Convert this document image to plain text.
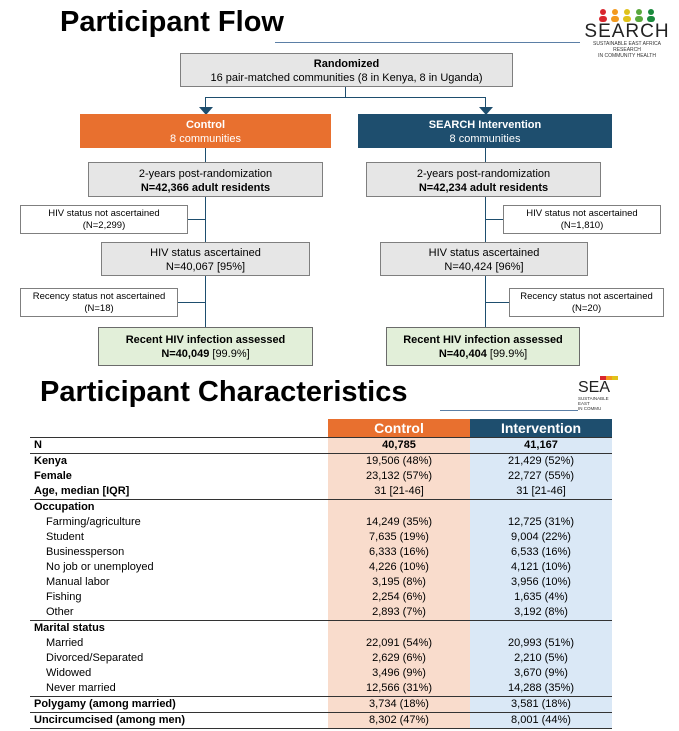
Participant Flow	SEARCH
SUSTAINABLE EAST AFRICA RESEARCH
IN COMMUNITY HEALTH
Randomized
16 pair-matched communities (8 in Kenya, 8 in Uganda)
Control
8 communities
SEARCH Intervention
8 communities
2-years post-randomization
N=42,366 adult residents
HIV status not ascertained
(N=2,299)
HIV status ascertained
N=40,067 [95%]
Recency status not ascertained
(N=18)
Recent HIV infection assessed
N=40,049 [99.9%]
2-years post-randomization
N=42,234 adult residents
HIV status not ascertained
(N=1,810)
HIV status ascertained
N=40,424 [96%]
Recency status not ascertained
(N=20)
Recent HIV infection assessed
N=40,404 [99.9%]
Participant Characteristics	SEA
SUSTAINABLE EAST
IN COMMU
	Control	Intervention
N	40,785	41,167
Kenya	19,506 (48%)	21,429 (52%)
Female	23,132 (57%)	22,727 (55%)
Age, median [IQR]	31 [21-46]	31 [21-46]
Occupation		
Farming/agriculture	14,249 (35%)	12,725 (31%)
Student	7,635 (19%)	9,004 (22%)
Businessperson	6,333 (16%)	6,533 (16%)
No job or unemployed	4,226 (10%)	4,121 (10%)
Manual labor	3,195 (8%)	3,956 (10%)
Fishing	2,254 (6%)	1,635 (4%)
Other	2,893 (7%)	3,192 (8%)
Marital status		
Married	22,091 (54%)	20,993 (51%)
Divorced/Separated	2,629 (6%)	2,210 (5%)
Widowed	3,496 (9%)	3,670 (9%)
Never married	12,566 (31%)	14,288 (35%)
Polygamy (among married)	3,734 (18%)	3,581 (18%)
Uncircumcised (among men)	8,302 (47%)	8,001 (44%)
